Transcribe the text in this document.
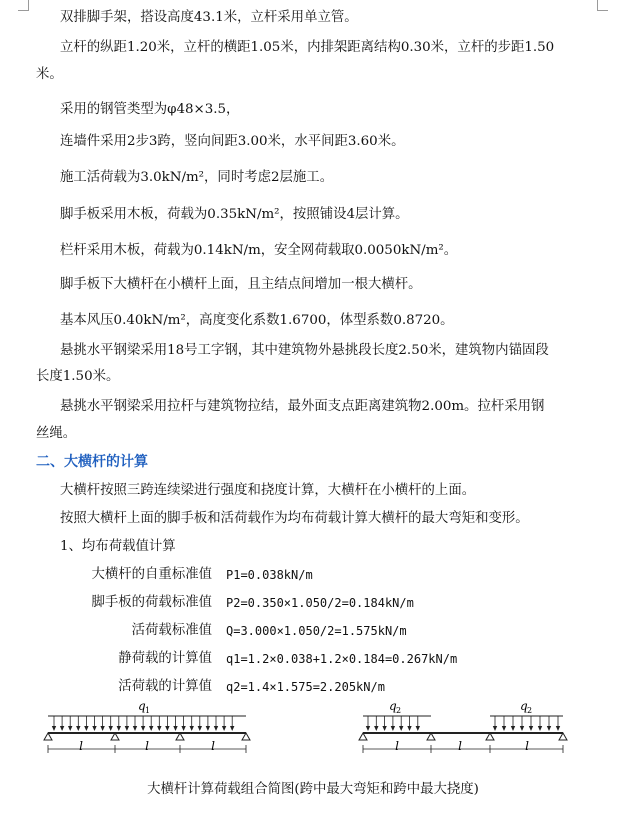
双排脚手架，搭设高度43.1米，立杆采用单立管。
立杆的纵距1.20米，立杆的横距1.05米，内排架距离结构0.30米，立杆的步距1.50
米。
采用的钢管类型为φ48×3.5，
连墙件采用2步3跨，竖向间距3.00米，水平间距3.60米。
施工活荷载为3.0kN/m²，同时考虑2层施工。
脚手板采用木板，荷载为0.35kN/m²，按照铺设4层计算。
栏杆采用木板，荷载为0.14kN/m，安全网荷载取0.0050kN/m²。
脚手板下大横杆在小横杆上面，且主结点间增加一根大横杆。
基本风压0.40kN/m²，高度变化系数1.6700，体型系数0.8720。
悬挑水平钢梁采用18号工字钢，其中建筑物外悬挑段长度2.50米，建筑物内锚固段
长度1.50米。
悬挑水平钢梁采用拉杆与建筑物拉结，最外面支点距离建筑物2.00m。拉杆采用钢
丝绳。
二、大横杆的计算
大横杆按照三跨连续梁进行强度和挠度计算，大横杆在小横杆的上面。
按照大横杆上面的脚手板和活荷载作为均布荷载计算大横杆的最大弯矩和变形。
1、均布荷载值计算
大横杆的自重标准值 P1=0.038kN/m
脚手板的荷载标准值 P2=0.350×1.050/2=0.184kN/m
活荷载标准值 Q=3.000×1.050/2=1.575kN/m
静荷载的计算值 q1=1.2×0.038+1.2×0.184=0.267kN/m
活荷载的计算值 q2=1.4×1.575=2.205kN/m
l	l	l
q 1
l	l	l
q 2	q 2
大横杆计算荷载组合简图(跨中最大弯矩和跨中最大挠度)
